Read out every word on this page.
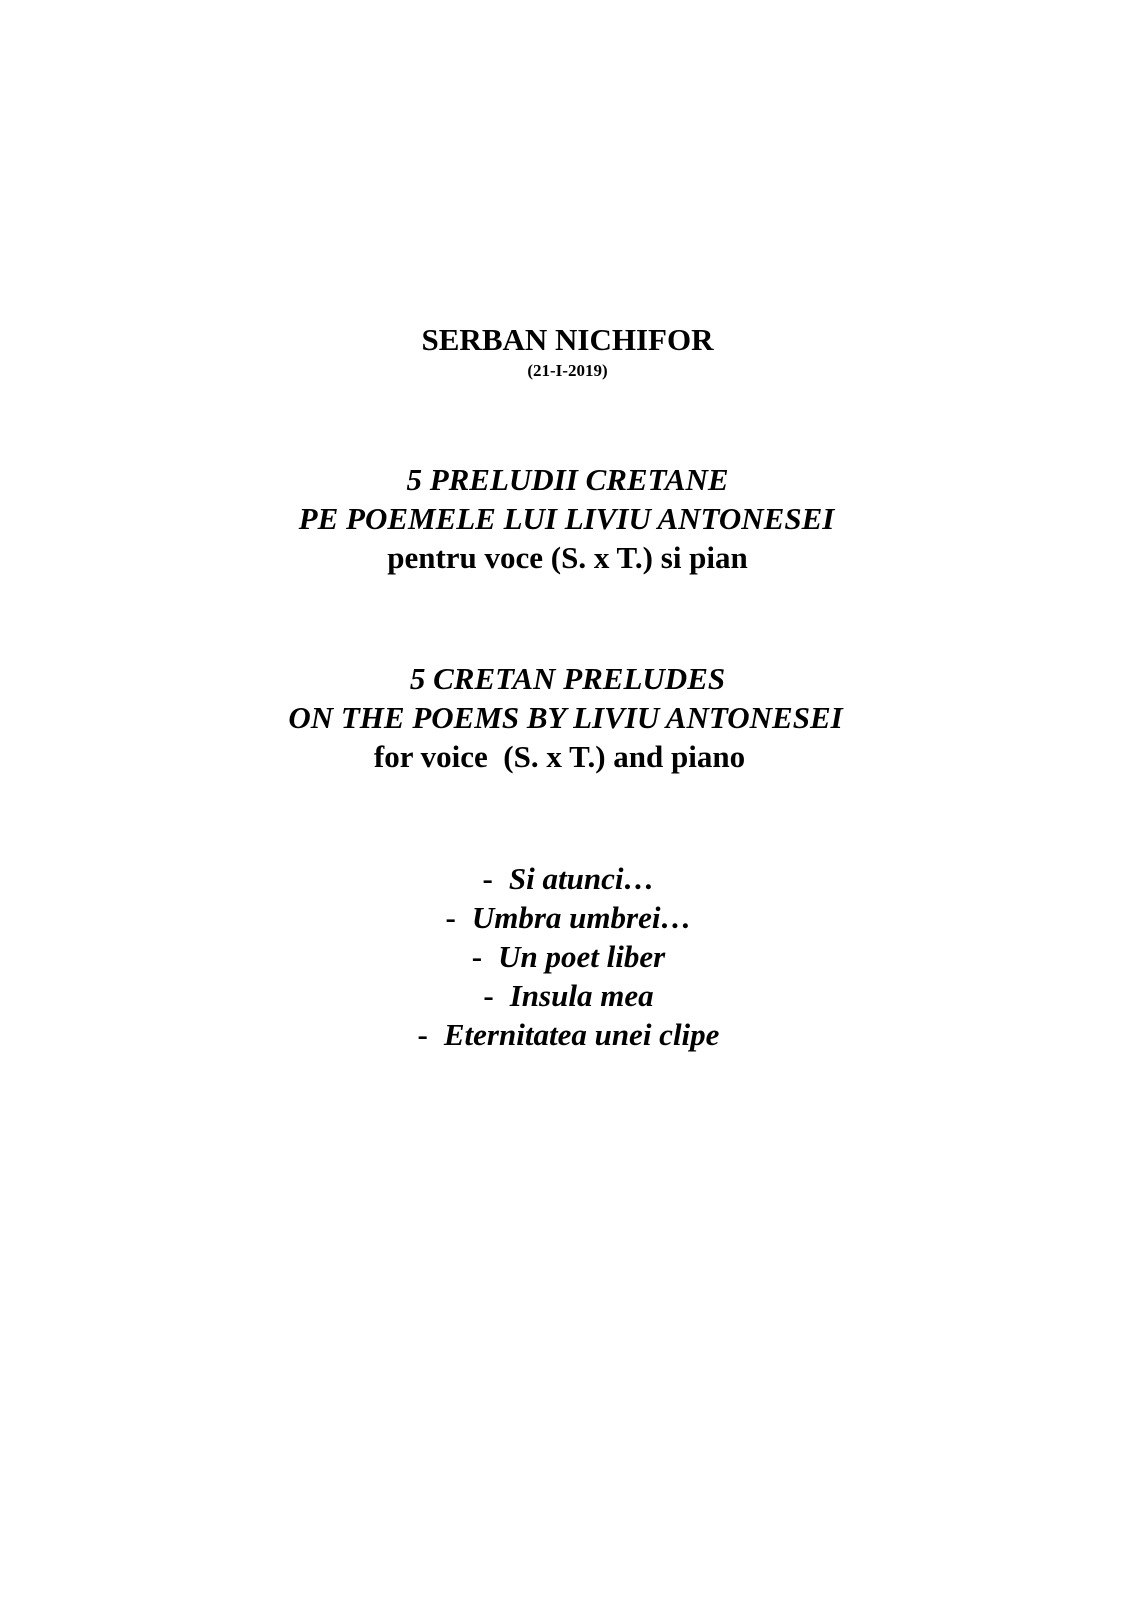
SERBAN NICHIFOR
(21-I-2019)
5 PRELUDII CRETANE
PE POEMELE LUI LIVIU ANTONESEI
pentru voce (S. x T.) si pian
5 CRETAN PRELUDES
ON THE POEMS BY LIVIU ANTONESEI
for voice  (S. x T.) and piano
- Si atunci…
- Umbra umbrei…
- Un poet liber
- Insula mea
- Eternitatea unei clipe
